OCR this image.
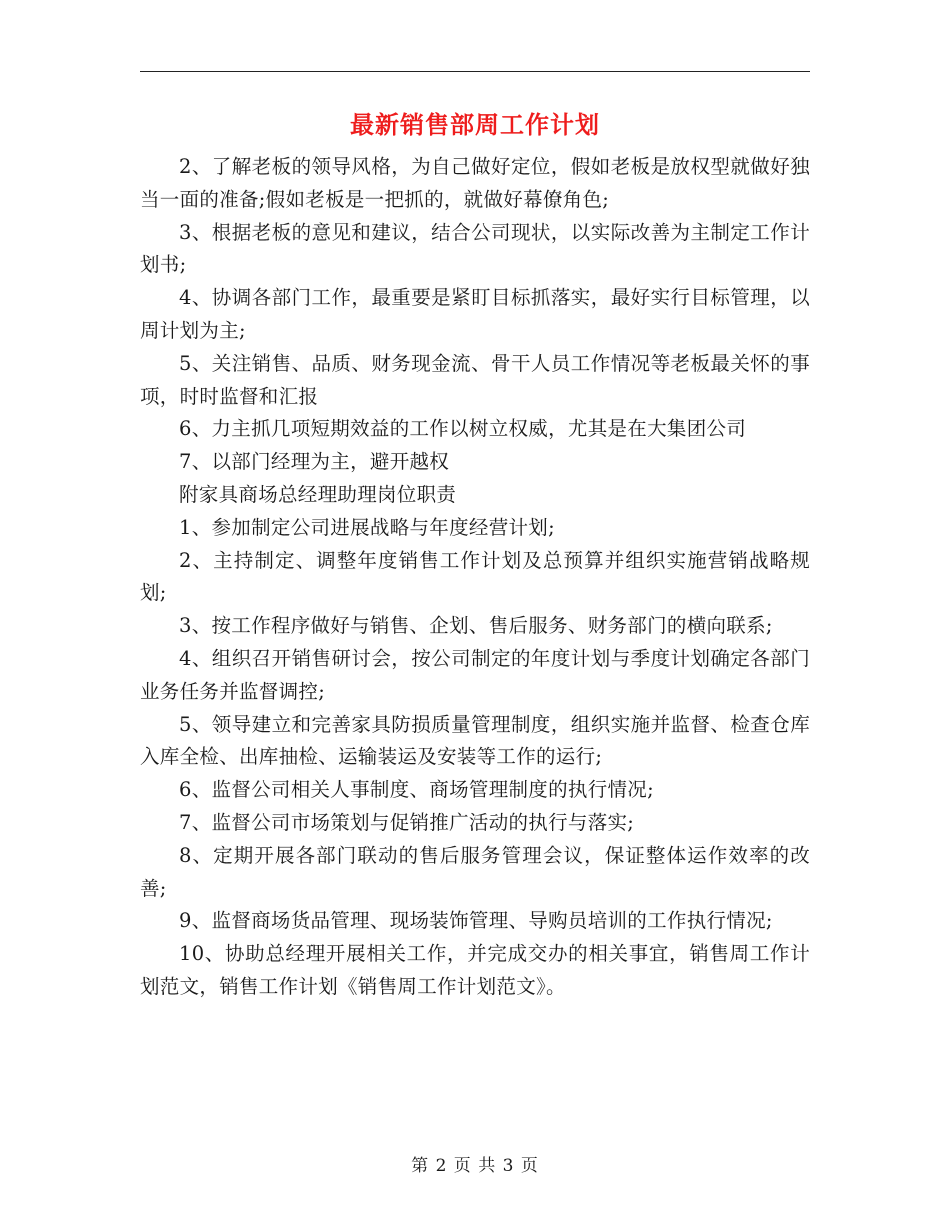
最新销售部周工作计划

2、了解老板的领导风格，为自己做好定位，假如老板是放权型就做好独当一面的准备;假如老板是一把抓的，就做好幕僚角色;

3、根据老板的意见和建议，结合公司现状，以实际改善为主制定工作计划书;

4、协调各部门工作，最重要是紧盯目标抓落实，最好实行目标管理，以周计划为主;

5、关注销售、品质、财务现金流、骨干人员工作情况等老板最关怀的事项，时时监督和汇报

6、力主抓几项短期效益的工作以树立权威，尤其是在大集团公司

7、以部门经理为主，避开越权

附家具商场总经理助理岗位职责

1、参加制定公司进展战略与年度经营计划;

2、主持制定、调整年度销售工作计划及总预算并组织实施营销战略规划;

3、按工作程序做好与销售、企划、售后服务、财务部门的横向联系;

4、组织召开销售研讨会，按公司制定的年度计划与季度计划确定各部门业务任务并监督调控;

5、领导建立和完善家具防损质量管理制度，组织实施并监督、检查仓库入库全检、出库抽检、运输装运及安装等工作的运行;

6、监督公司相关人事制度、商场管理制度的执行情况;

7、监督公司市场策划与促销推广活动的执行与落实;

8、定期开展各部门联动的售后服务管理会议，保证整体运作效率的改善;

9、监督商场货品管理、现场装饰管理、导购员培训的工作执行情况;

10、协助总经理开展相关工作，并完成交办的相关事宜，销售周工作计划范文，销售工作计划《销售周工作计划范文》。

第 2 页 共 3 页
